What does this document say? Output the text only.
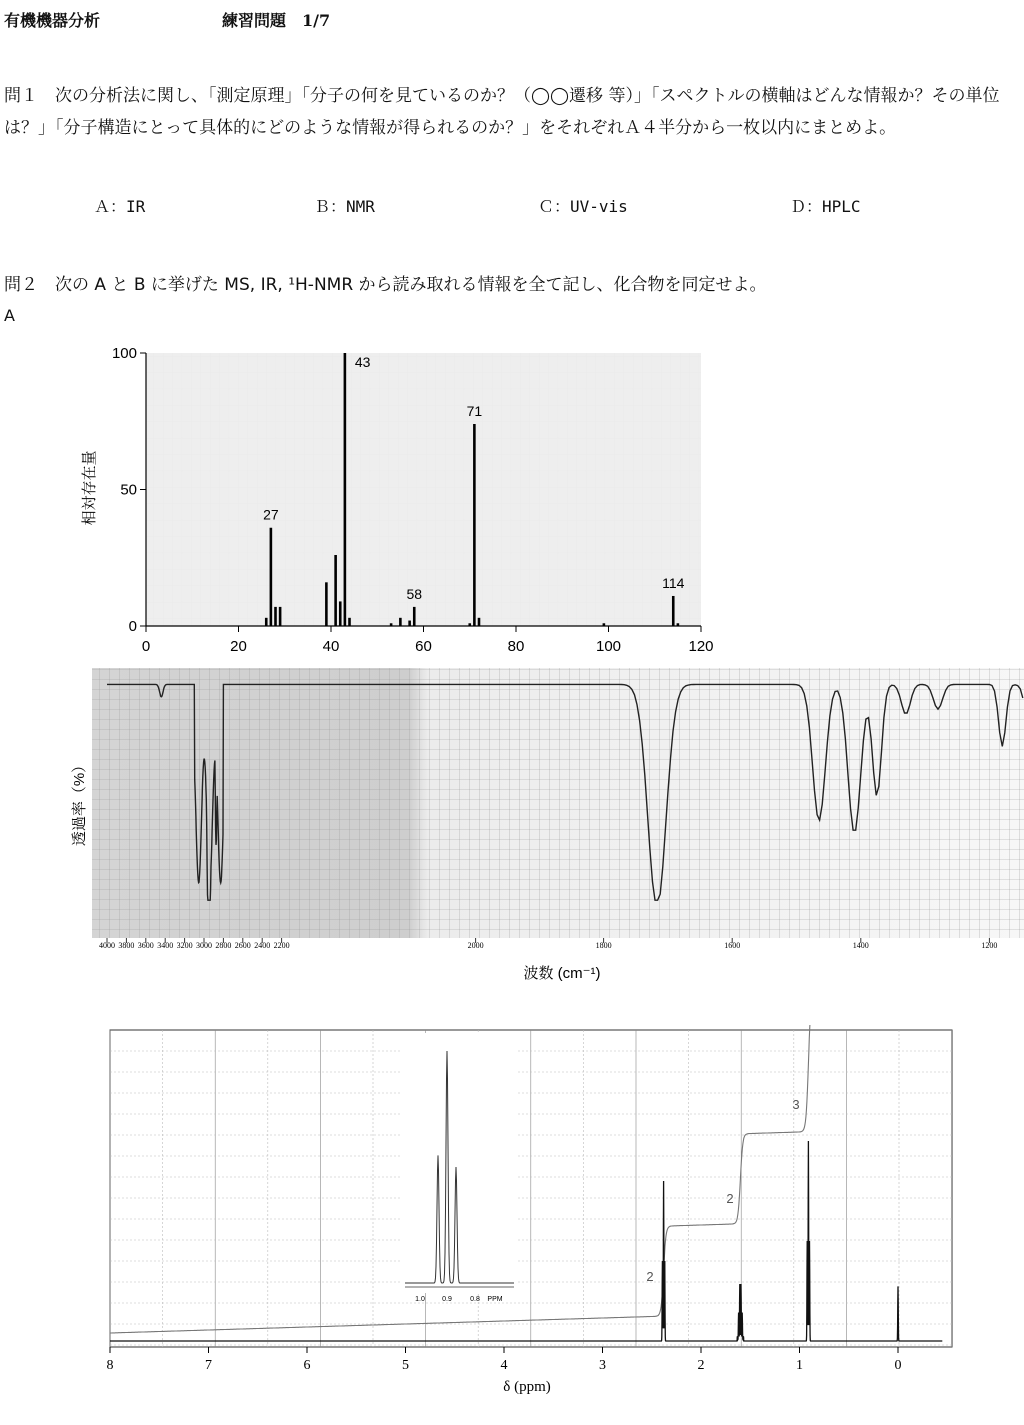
有機機器分析	練習問題　1/7
問１　次の分析法に関し、「測定原理」「分子の何を見ているのか？（◯◯遷移 等）」「スペクトルの横軸はどんな情報か？その単位は？」「分子構造にとって具体的にどのような情報が得られるのか？」をそれぞれＡ４半分から一枚以内にまとめよ。
Ａ：IR	Ｂ：NMR	Ｃ：UV-vis	Ｄ：HPLC
問２　次の A と B に挙げた MS, IR, ¹H-NMR から読み取れる情報を全て記し、化合物を同定せよ。
A
0	20	40	60	80	100	120
0
50
100
27
43
58
71
114
相対存在量
4000 3800 3600 3400 3200 3000 2800 2600 2400 2200	2000	1800	1600	1400	1200
透過率（%）
波数 (cm⁻¹)
1.0 0.9	0.8 PPM
2
2
3
8	7	6	5	4	3	2	1	0
δ (ppm)
